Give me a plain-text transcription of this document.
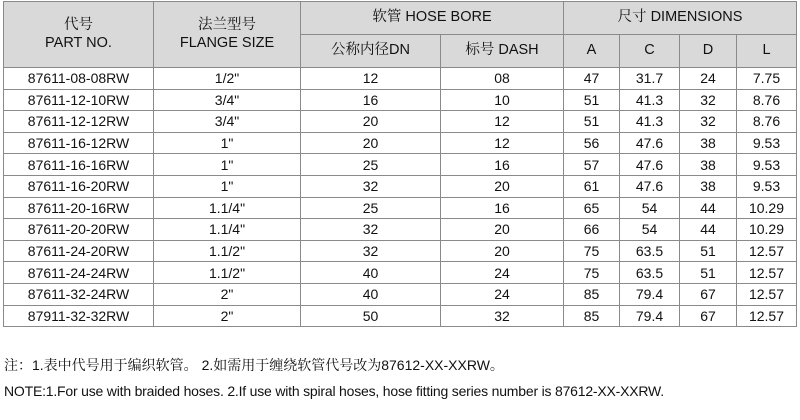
代号
PART NO.	法兰型号
FLANGE SIZE	软管 HOSE BORE		尺寸 DIMENSIONS			
		公称内径DN	标号 DASH	A	C	D	L
87611-08-08RW	1/2"	12	08	47	31.7	24	7.75
87611-12-10RW	3/4"	16	10	51	41.3	32	8.76
87611-12-12RW	3/4"	20	12	51	41.3	32	8.76
87611-16-12RW	1"	20	12	56	47.6	38	9.53
87611-16-16RW	1"	25	16	57	47.6	38	9.53
87611-16-20RW	1"	32	20	61	47.6	38	9.53
87611-20-16RW	1.1/4"	25	16	65	54	44	10.29
87611-20-20RW	1.1/4"	32	20	66	54	44	10.29
87611-24-20RW	1.1/2"	32	20	75	63.5	51	12.57
87611-24-24RW	1.1/2"	40	24	75	63.5	51	12.57
87611-32-24RW	2"	40	24	85	79.4	67	12.57
87911-32-32RW	2"	50	32	85	79.4	67	12.57

注：1.表中代号用于编织软管。 2.如需用于缠绕软管代号改为87612-XX-XXRW。

NOTE:1.For use with braided hoses. 2.If use with spiral hoses, hose fitting series number is 87612-XX-XXRW.
